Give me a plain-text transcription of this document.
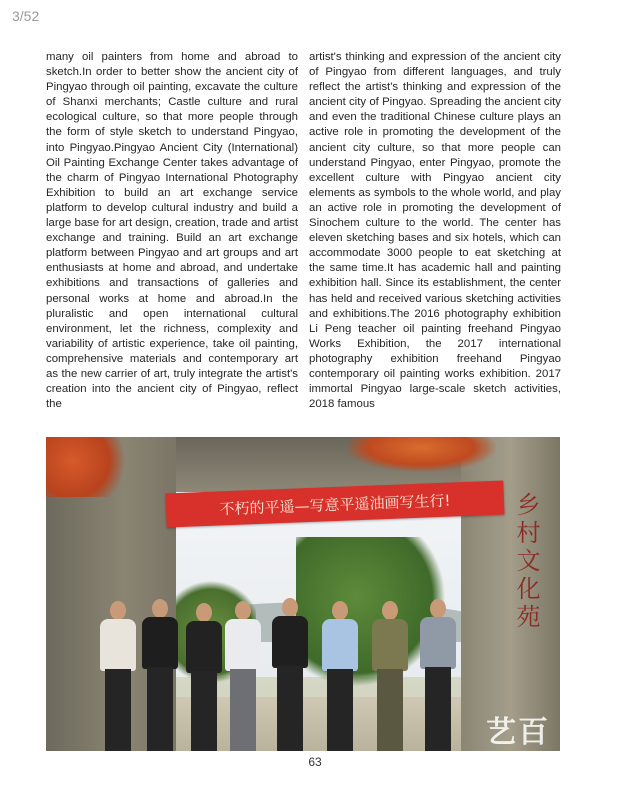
3/52
many oil painters from home and abroad to sketch.In order to better show the ancient city of Pingyao through oil painting, excavate the culture of Shanxi merchants; Castle culture and rural ecological culture, so that more people through the form of style sketch to understand Pingyao, into Pingyao.Pingyao Ancient City (International) Oil Painting Exchange Center takes advantage of the charm of Pingyao International Photography Exhibition to build an art exchange service platform to develop cultural industry and build a large base for art design, creation, trade and artist exchange and training. Build an art exchange platform between Pingyao and art groups and art enthusiasts at home and abroad, and undertake exhibitions and transactions of galleries and personal works at home and abroad.In the pluralistic and open international cultural environment, let the richness, complexity and variability of artistic experience, take oil painting, comprehensive materials and contemporary art as the new carrier of art, truly integrate the artist's creation into the ancient city of Pingyao, reflect the
artist's thinking and expression of the ancient city of Pingyao from different languages, and truly reflect the artist's thinking and expression of the ancient city of Pingyao. Spreading the ancient city and even the traditional Chinese culture plays an active role in promoting the development of the ancient city culture, so that more people can understand Pingyao, enter Pingyao, promote the excellent culture with Pingyao ancient city elements as symbols to the whole world, and play an active role in promoting the development of Sinochem culture to the world. The center has eleven sketching bases and six hotels, which can accommodate 3000 people to eat sketching at the same time.It has academic hall and painting exhibition hall. Since its establishment, the center has held and received various sketching activities and exhibitions.The 2016 photography exhibition Li Peng teacher oil painting freehand Pingyao Works Exhibition, the 2017 international photography exhibition freehand Pingyao contemporary oil painting works exhibition. 2017 immortal Pingyao large-scale sketch activities, 2018 famous
不朽的平遥—写意平遥油画写生行!	乡村文化苑
艺百
63
